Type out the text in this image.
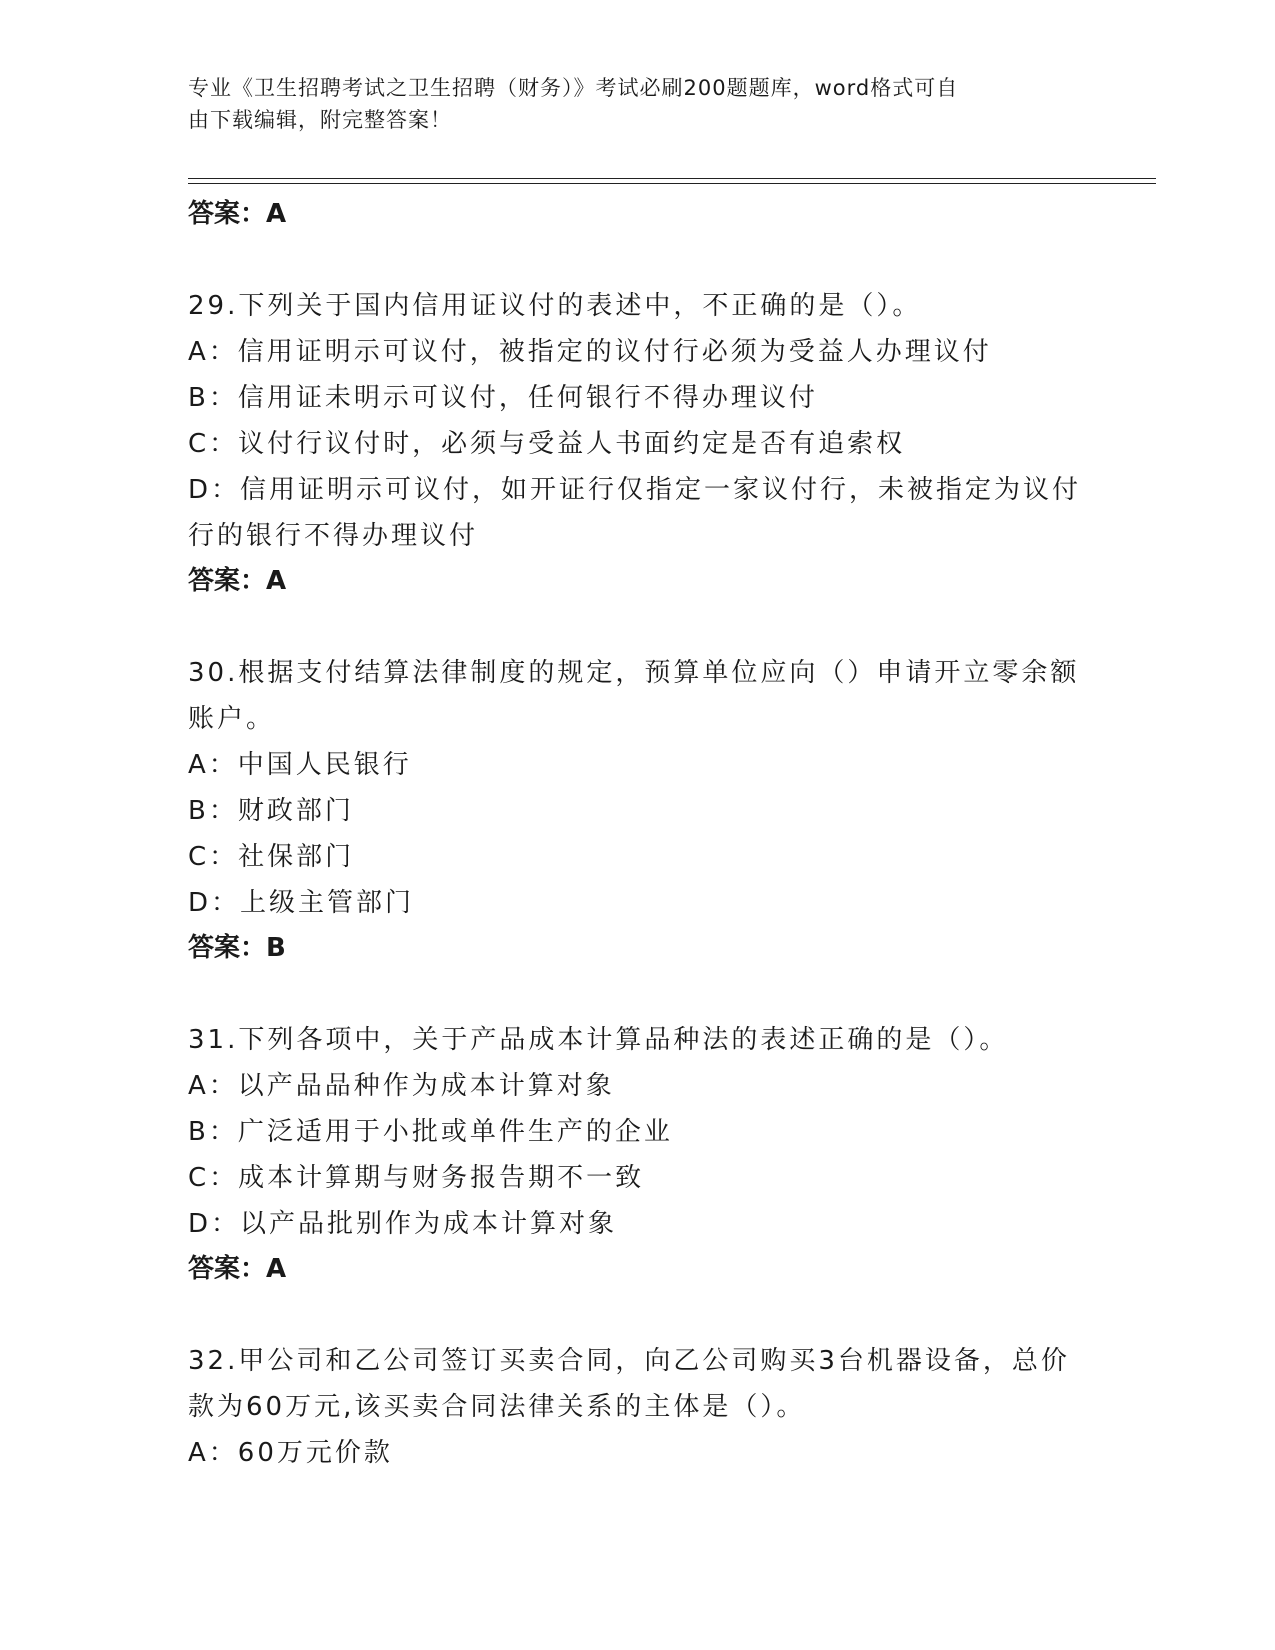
专业《卫生招聘考试之卫生招聘（财务）》考试必刷200题题库，word格式可自
由下载编辑，附完整答案！
答案：A
29.下列关于国内信用证议付的表述中，不正确的是（）。
A：信用证明示可议付，被指定的议付行必须为受益人办理议付
B：信用证未明示可议付，任何银行不得办理议付
C：议付行议付时，必须与受益人书面约定是否有追索权
D：信用证明示可议付，如开证行仅指定一家议付行，未被指定为议付
行的银行不得办理议付
答案：A
30.根据支付结算法律制度的规定，预算单位应向（）申请开立零余额
账户。
A：中国人民银行
B：财政部门
C：社保部门
D：上级主管部门
答案：B
31.下列各项中，关于产品成本计算品种法的表述正确的是（）。
A：以产品品种作为成本计算对象
B：广泛适用于小批或单件生产的企业
C：成本计算期与财务报告期不一致
D：以产品批别作为成本计算对象
答案：A
32.甲公司和乙公司签订买卖合同，向乙公司购买3台机器设备，总价
款为60万元,该买卖合同法律关系的主体是（）。
A：60万元价款
